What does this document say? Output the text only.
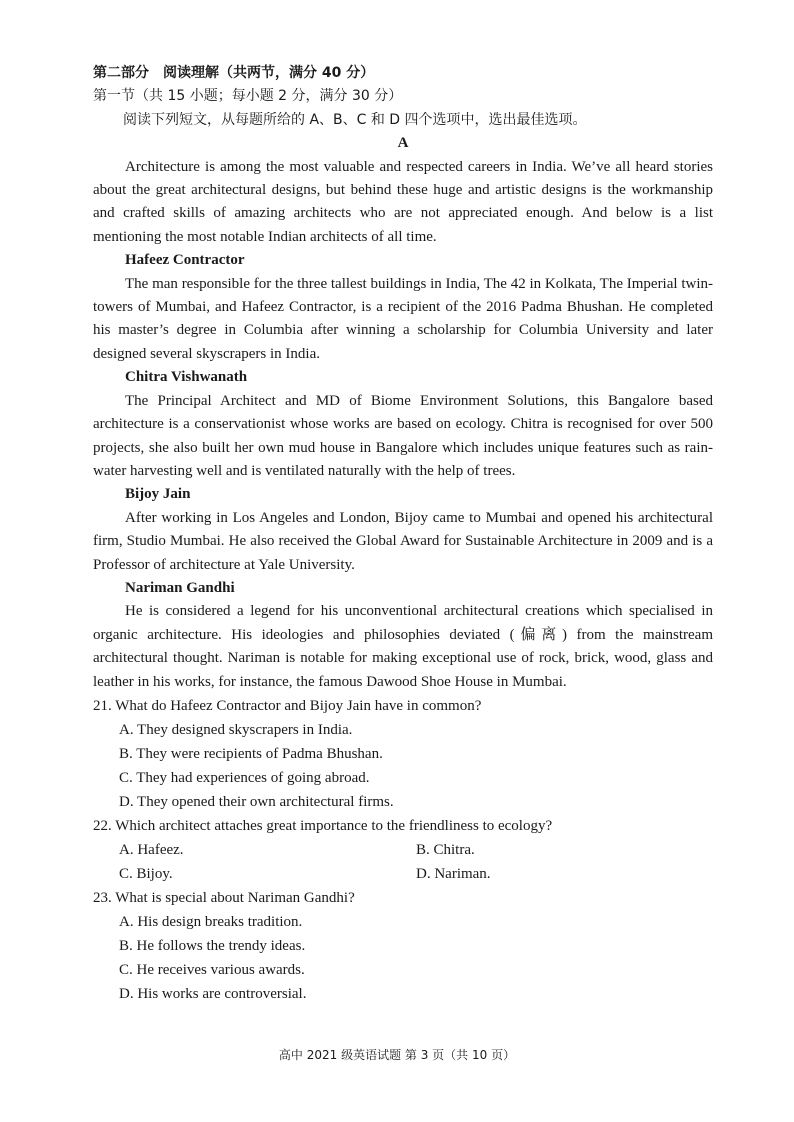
第二部分　阅读理解（共两节，满分 40 分）
第一节（共 15 小题；每小题 2 分，满分 30 分）
阅读下列短文，从每题所给的 A、B、C 和 D 四个选项中，选出最佳选项。
A
Architecture is among the most valuable and respected careers in India. We’ve all heard stories about the great architectural designs, but behind these huge and artistic designs is the workmanship and crafted skills of amazing architects who are not appreciated enough. And below is a list mentioning the most notable Indian architects of all time.
Hafeez Contractor
The man responsible for the three tallest buildings in India, The 42 in Kolkata, The Imperial twin-towers of Mumbai, and Hafeez Contractor, is a recipient of the 2016 Padma Bhushan. He completed his master’s degree in Columbia after winning a scholarship for Columbia University and later designed several skyscrapers in India.
Chitra Vishwanath
The Principal Architect and MD of Biome Environment Solutions, this Bangalore based architecture is a conservationist whose works are based on ecology. Chitra is recognised for over 500 projects, she also built her own mud house in Bangalore which includes unique features such as rain-water harvesting well and is ventilated naturally with the help of trees.
Bijoy Jain
After working in Los Angeles and London, Bijoy came to Mumbai and opened his architectural firm, Studio Mumbai. He also received the Global Award for Sustainable Architecture in 2009 and is a Professor of architecture at Yale University.
Nariman Gandhi
He is considered a legend for his unconventional architectural creations which specialised in organic architecture. His ideologies and philosophies deviated (偏离) from the mainstream architectural thought. Nariman is notable for making exceptional use of rock, brick, wood, glass and leather in his works, for instance, the famous Dawood Shoe House in Mumbai.
21. What do Hafeez Contractor and Bijoy Jain have in common?
A. They designed skyscrapers in India.
B. They were recipients of Padma Bhushan.
C. They had experiences of going abroad.
D. They opened their own architectural firms.
22. Which architect attaches great importance to the friendliness to ecology?
A. Hafeez.	B. Chitra.
C. Bijoy.	D. Nariman.
23. What is special about Nariman Gandhi?
A. His design breaks tradition.
B. He follows the trendy ideas.
C. He receives various awards.
D. His works are controversial.
高中 2021 级英语试题 第 3 页（共 10 页）
